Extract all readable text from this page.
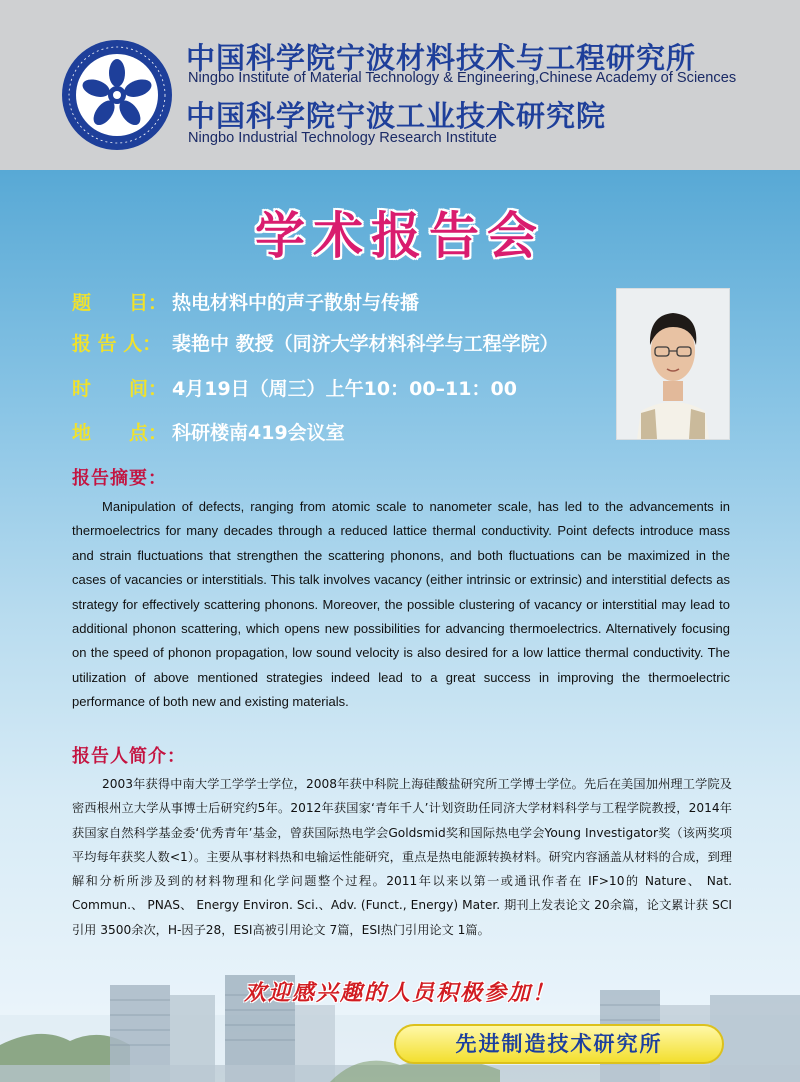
中国科学院宁波材料技术与工程研究所
Ningbo Institute of Material Technology & Engineering,Chinese Academy of Sciences
中国科学院宁波工业技术研究院
Ningbo Industrial Technology Research Institute
学术报告会
题　　目： 热电材料中的声子散射与传播
报 告 人： 裴艳中 教授（同济大学材料科学与工程学院）
时　　间： 4月19日（周三）上午10：00–11：00
地　　点： 科研楼南419会议室
报告摘要：

Manipulation of defects, ranging from atomic scale to nanometer scale, has led to the advancements in thermoelectrics for many decades through a reduced lattice thermal conductivity. Point defects introduce mass and strain fluctuations that strengthen the scattering phonons, and both fluctuations can be maximized in the cases of vacancies or interstitials. This talk involves vacancy (either intrinsic or extrinsic) and interstitial defects as strategy for effectively scattering phonons. Moreover, the possible clustering of vacancy or interstitial may lead to additional phonon scattering, which opens new possibilities for advancing thermoelectrics. Alternatively focusing on the speed of phonon propagation, low sound velocity is also desired for a low lattice thermal conductivity. The utilization of above mentioned strategies indeed lead to a great success in improving the thermoelectric performance of both new and existing materials.

报告人简介：

2003年获得中南大学工学学士学位，2008年获中科院上海硅酸盐研究所工学博士学位。先后在美国加州理工学院及密西根州立大学从事博士后研究约5年。2012年获国家‘青年千人’计划资助任同济大学材料科学与工程学院教授，2014年获国家自然科学基金委‘优秀青年’基金，曾获国际热电学会Goldsmid奖和国际热电学会Young Investigator奖（该两奖项平均每年获奖人数<1）。主要从事材料热和电输运性能研究，重点是热电能源转换材料。研究内容涵盖从材料的合成，到理解和分析所涉及到的材料物理和化学问题整个过程。2011年以来以第一或通讯作者在 IF>10的 Nature、 Nat. Commun.、 PNAS、 Energy Environ. Sci.、Adv. (Funct., Energy) Mater. 期刊上发表论文 20余篇，论文累计获 SCI引用 3500余次，H-因子28，ESI高被引用论文 7篇，ESI热门引用论文 1篇。

欢迎感兴趣的人员积极参加！
先进制造技术研究所
